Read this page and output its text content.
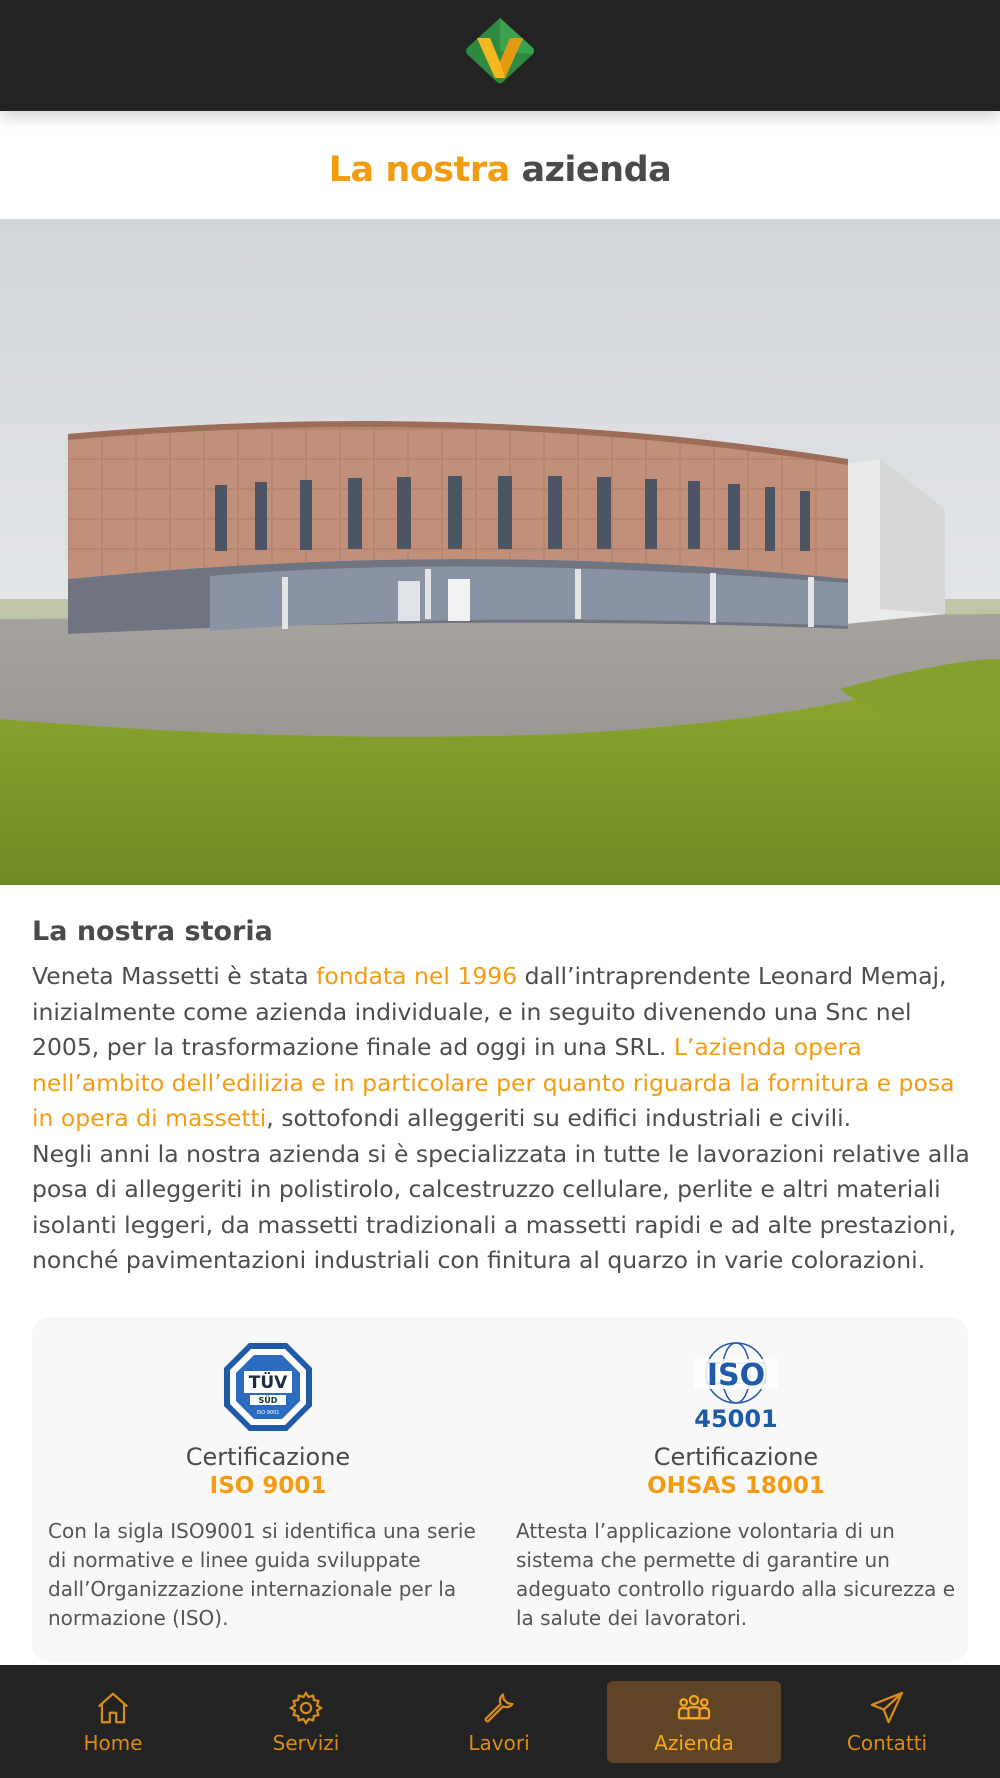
La nostra azienda
La nostra storia

Veneta Massetti è stata fondata nel 1996 dall’intraprendente Leonard Memaj, inizialmente come azienda individuale, e in seguito divenendo una Snc nel 2005, per la trasformazione finale ad oggi in una SRL. L’azienda opera nell’ambito dell’edilizia e in particolare per quanto riguarda la fornitura e posa in opera di massetti, sottofondi alleggeriti su edifici industriali e civili.

Negli anni la nostra azienda si è specializzata in tutte le lavorazioni relative alla posa di alleggeriti in polistirolo, calcestruzzo cellulare, perlite e altri materiali isolanti leggeri, da massetti tradizionali a massetti rapidi e ad alte prestazioni, nonché pavimentazioni industriali con finitura al quarzo in varie colorazioni.

TÜV
SÜD
ISO 9001
Certificazione
ISO 9001

Con la sigla ISO9001 si identifica una serie di normative e linee guida sviluppate dall’Organizzazione internazionale per la normazione (ISO).

ISO
45001
Certificazione
OHSAS 18001

Attesta l’applicazione volontaria di un sistema che permette di garantire un adeguato controllo riguardo alla sicurezza e la salute dei lavoratori.

Home	Servizi	Lavori	Azienda	Contatti
